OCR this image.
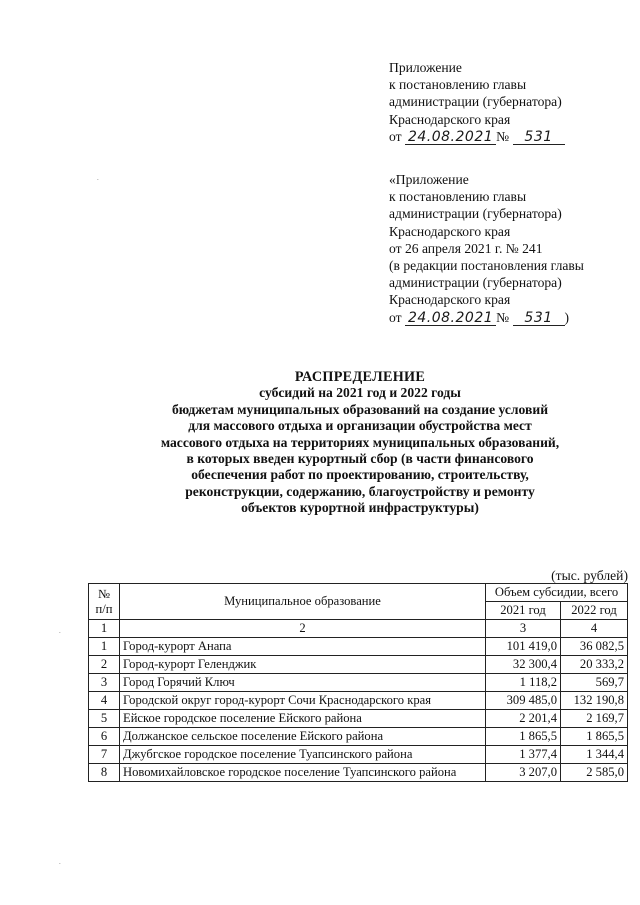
Приложение
к постановлению главы
администрации (губернатора)
Краснодарского края
от 24.08.2021 № 531
«Приложение
к постановлению главы
администрации (губернатора)
Краснодарского края
от 26 апреля 2021 г. № 241
(в редакции постановления главы
администрации (губернатора)
Краснодарского края
от 24.08.2021 № 531 )
РАСПРЕДЕЛЕНИЕ
субсидий на 2021 год и 2022 годы
бюджетам муниципальных образований на создание условий
для массового отдыха и организации обустройства мест
массового отдыха на территориях муниципальных образований,
в которых введен курортный сбор (в части финансового
обеспечения работ по проектированию, строительству,
реконструкции, содержанию, благоустройству и ремонту
объектов курортной инфраструктуры)
(тыс. рублей)
№ п/п	Муниципальное образование	Объем субсидии, всего	
		2021 год	2022 год
1	2	3	4
1	Город-курорт Анапа	101 419,0	36 082,5
2	Город-курорт Геленджик	32 300,4	20 333,2
3	Город Горячий Ключ	1 118,2	569,7
4	Городской округ город-курорт Сочи Краснодарского края	309 485,0	132 190,8
5	Ейское городское поселение Ейского района	2 201,4	2 169,7
6	Должанское сельское поселение Ейского района	1 865,5	1 865,5
7	Джубгское городское поселение Туапсинского района	1 377,4	1 344,4
8	Новомихайловское городское поселение Туапсинского района	3 207,0	2 585,0
.
.
.
